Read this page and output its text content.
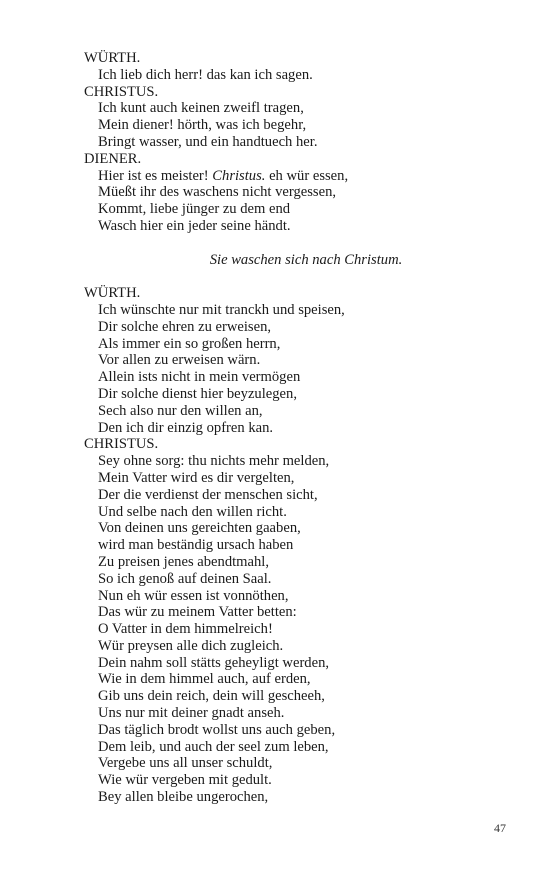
WÜRTH.
Ich lieb dich herr! das kan ich sagen.
CHRISTUS.
Ich kunt auch keinen zweifl tragen,
Mein diener! hörth, was ich begehr,
Bringt wasser, und ein handtuech her.
DIENER.
Hier ist es meister! Christus. eh wür essen,
Müeßt ihr des waschens nicht vergessen,
Kommt, liebe jünger zu dem end
Wasch hier ein jeder seine händt.
Sie waschen sich nach Christum.
WÜRTH.
Ich wünschte nur mit tranckh und speisen,
Dir solche ehren zu erweisen,
Als immer ein so großen herrn,
Vor allen zu erweisen wärn.
Allein ists nicht in mein vermögen
Dir solche dienst hier beyzulegen,
Sech also nur den willen an,
Den ich dir einzig opfren kan.
CHRISTUS.
Sey ohne sorg: thu nichts mehr melden,
Mein Vatter wird es dir vergelten,
Der die verdienst der menschen sicht,
Und selbe nach den willen richt.
Von deinen uns gereichten gaaben,
wird man beständig ursach haben
Zu preisen jenes abendtmahl,
So ich genoß auf deinen Saal.
Nun eh wür essen ist vonnöthen,
Das wür zu meinem Vatter betten:
O Vatter in dem himmelreich!
Wür preysen alle dich zugleich.
Dein nahm soll stätts geheyligt werden,
Wie in dem himmel auch, auf erden,
Gib uns dein reich, dein will gescheeh,
Uns nur mit deiner gnadt anseh.
Das täglich brodt wollst uns auch geben,
Dem leib, und auch der seel zum leben,
Vergebe uns all unser schuldt,
Wie wür vergeben mit gedult.
Bey allen bleibe ungerochen,
47
